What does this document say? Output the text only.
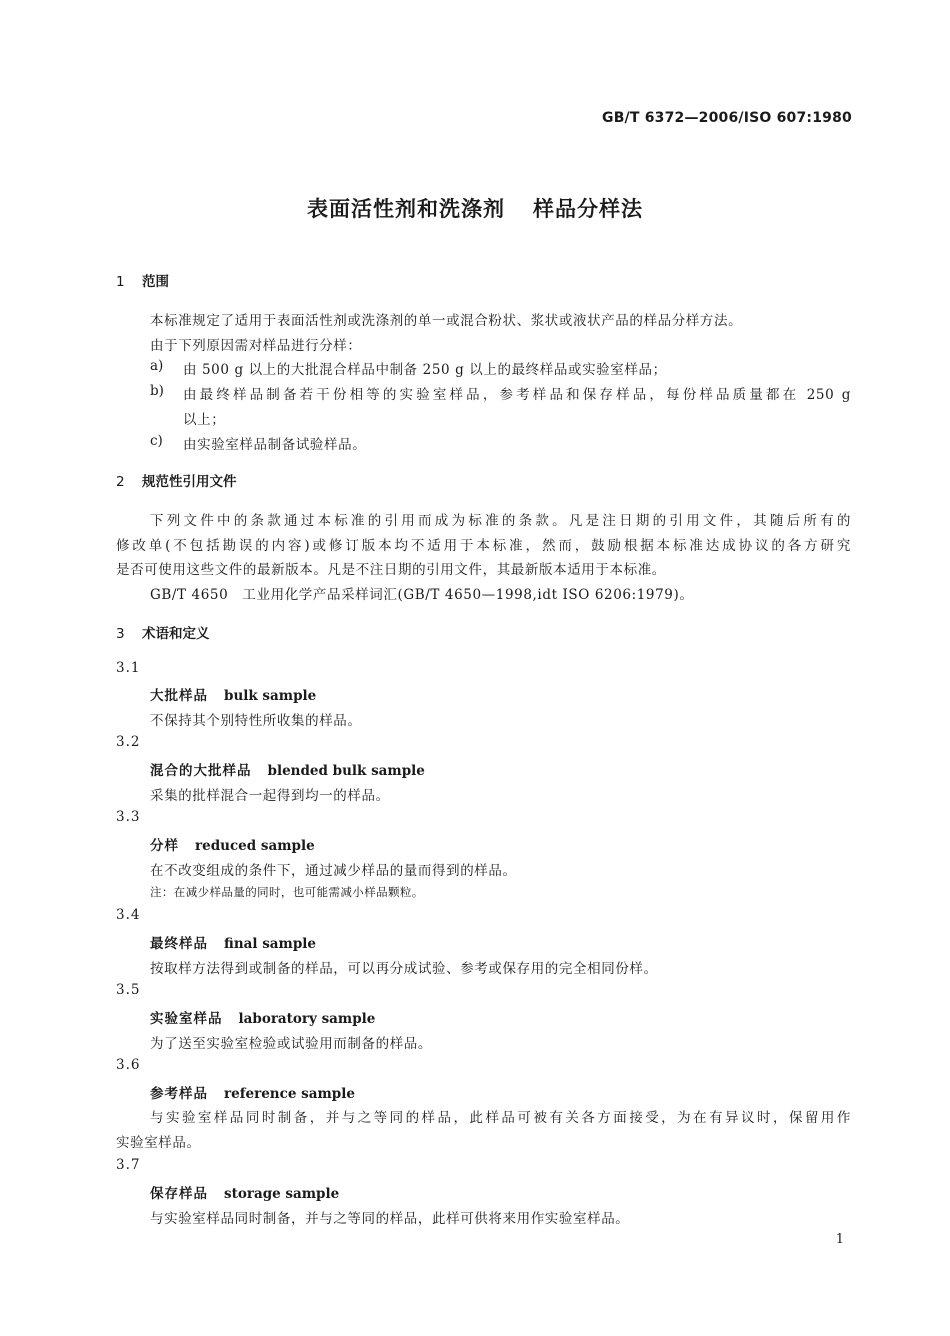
GB/T 6372—2006/ISO 607:1980
表面活性剂和洗涤剂 样品分样法
1 范围
本标准规定了适用于表面活性剂或洗涤剂的单一或混合粉状、浆状或液状产品的样品分样方法。
由于下列原因需对样品进行分样：
a) 由 500 g 以上的大批混合样品中制备 250 g 以上的最终样品或实验室样品；
b) 由最终样品制备若干份相等的实验室样品，参考样品和保存样品，每份样品质量都在 250 g
以上；
c) 由实验室样品制备试验样品。
2 规范性引用文件
下列文件中的条款通过本标准的引用而成为标准的条款。凡是注日期的引用文件，其随后所有的
修改单(不包括勘误的内容)或修订版本均不适用于本标准，然而，鼓励根据本标准达成协议的各方研究
是否可使用这些文件的最新版本。凡是不注日期的引用文件，其最新版本适用于本标准。
GB/T 4650　工业用化学产品采样词汇(GB/T 4650—1998,idt ISO 6206:1979)。
3 术语和定义
3.1
大批样品 bulk sample
不保持其个别特性所收集的样品。
3.2
混合的大批样品 blended bulk sample
采集的批样混合一起得到均一的样品。
3.3
分样 reduced sample
在不改变组成的条件下，通过减少样品的量而得到的样品。
注：在减少样品量的同时，也可能需减小样品颗粒。
3.4
最终样品 final sample
按取样方法得到或制备的样品，可以再分成试验、参考或保存用的完全相同份样。
3.5
实验室样品 laboratory sample
为了送至实验室检验或试验用而制备的样品。
3.6
参考样品 reference sample
与实验室样品同时制备，并与之等同的样品，此样品可被有关各方面接受，为在有异议时，保留用作
实验室样品。
3.7
保存样品 storage sample
与实验室样品同时制备，并与之等同的样品，此样可供将来用作实验室样品。
1
